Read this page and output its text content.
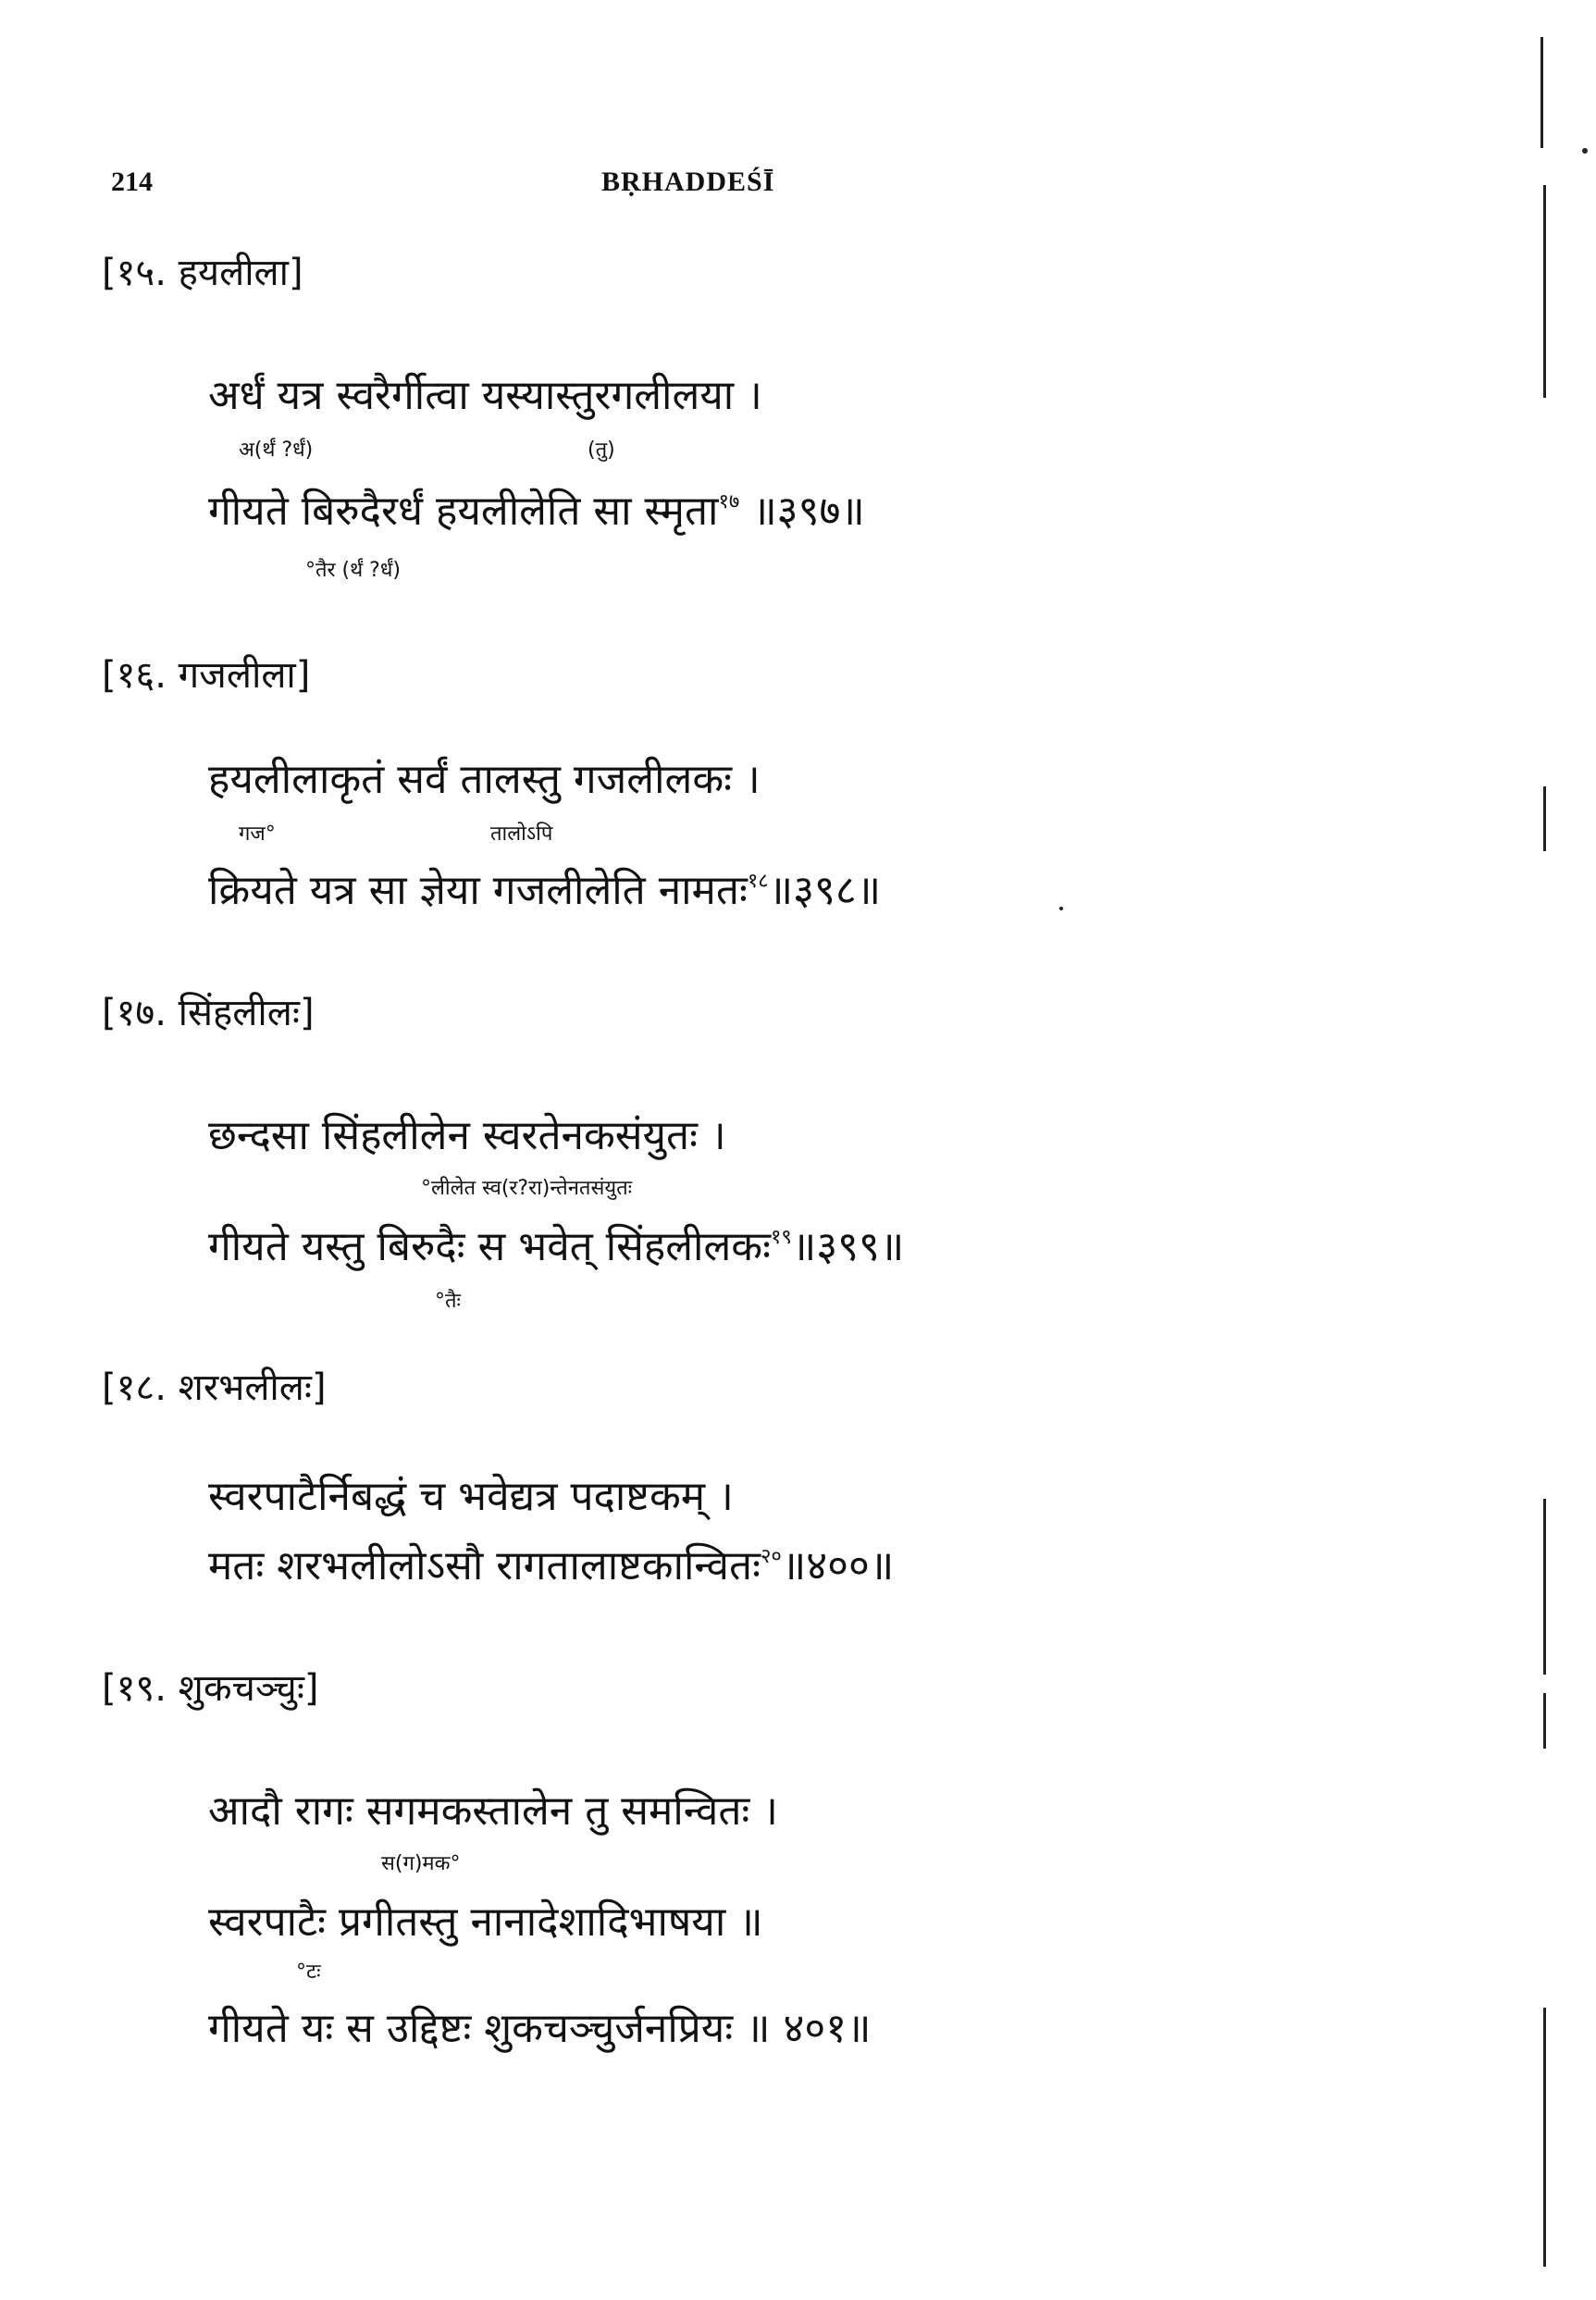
214	BṚHADDEŚĪ
[१५. हयलीला]
अर्धं यत्र स्वरैर्गीत्वा यस्यास्तुरगलीलया ।
अ(र्थं ?र्धं)	(तु)
गीयते बिरुदैरर्धं हयलीलेति सा स्मृता$^{१७}$ ॥३९७॥
°तैर (र्थं ?र्धं)
[१६. गजलीला]
हयलीलाकृतं सर्वं तालस्तु गजलीलकः ।
गज°	तालोऽपि
क्रियते यत्र सा ज्ञेया गजलीलेति नामतः$^{१८}$॥३९८॥
[१७. सिंहलीलः]
छन्दसा सिंहलीलेन स्वरतेनकसंयुतः ।
°लीलेत स्व(र?रा)न्तेनतसंयुतः
गीयते यस्तु बिरुदैः स भवेत् सिंहलीलकः$^{१९}$॥३९९॥
°तैः
[१८. शरभलीलः]
स्वरपाटैर्निबद्धं च भवेद्यत्र पदाष्टकम् ।
मतः शरभलीलोऽसौ रागतालाष्टकान्वितः$^{२०}$॥४००॥
[१९. शुकचञ्चुः]
आदौ रागः सगमकस्तालेन तु समन्वितः ।
स(ग)मक°
स्वरपाटैः प्रगीतस्तु नानादेशादिभाषया ॥
°टः
गीयते यः स उद्दिष्टः शुकचञ्चुर्जनप्रियः ॥ ४०१॥
